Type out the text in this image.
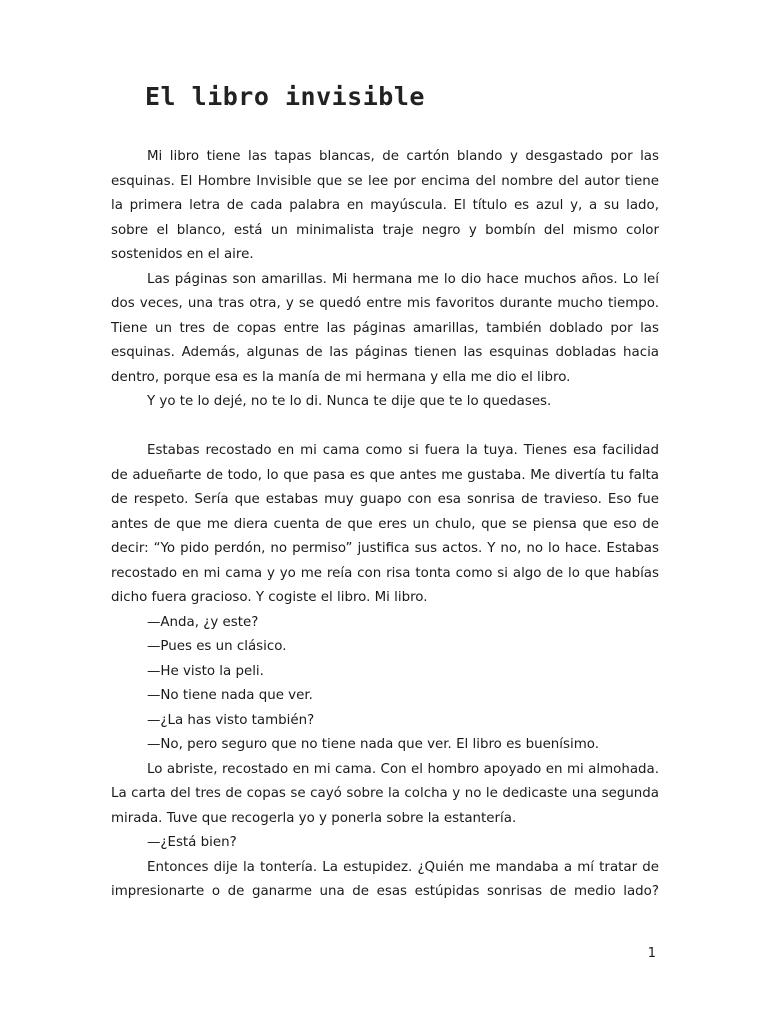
El libro invisible

Mi libro tiene las tapas blancas, de cartón blando y desgastado por las esquinas. El Hombre Invisible que se lee por encima del nombre del autor tiene la primera letra de cada palabra en mayúscula. El título es azul y, a su lado, sobre el blanco, está un minimalista traje negro y bombín del mismo color sostenidos en el aire.

Las páginas son amarillas. Mi hermana me lo dio hace muchos años. Lo leí dos veces, una tras otra, y se quedó entre mis favoritos durante mucho tiempo. Tiene un tres de copas entre las páginas amarillas, también doblado por las esquinas. Además, algunas de las páginas tienen las esquinas dobladas hacia dentro, porque esa es la manía de mi hermana y ella me dio el libro.

Y yo te lo dejé, no te lo di. Nunca te dije que te lo quedases.

Estabas recostado en mi cama como si fuera la tuya. Tienes esa facilidad de adueñarte de todo, lo que pasa es que antes me gustaba. Me divertía tu falta de respeto. Sería que estabas muy guapo con esa sonrisa de travieso. Eso fue antes de que me diera cuenta de que eres un chulo, que se piensa que eso de decir: “Yo pido perdón, no permiso” justifica sus actos. Y no, no lo hace. Estabas recostado en mi cama y yo me reía con risa tonta como si algo de lo que habías dicho fuera gracioso. Y cogiste el libro. Mi libro.

—Anda, ¿y este?

—Pues es un clásico.

—He visto la peli.

—No tiene nada que ver.

—¿La has visto también?

—No, pero seguro que no tiene nada que ver. El libro es buenísimo.

Lo abriste, recostado en mi cama. Con el hombro apoyado en mi almohada. La carta del tres de copas se cayó sobre la colcha y no le dedicaste una segunda mirada. Tuve que recogerla yo y ponerla sobre la estantería.

—¿Está bien?

Entonces dije la tontería. La estupidez. ¿Quién me mandaba a mí tratar de impresionarte o de ganarme una de esas estúpidas sonrisas de medio lado?

1
